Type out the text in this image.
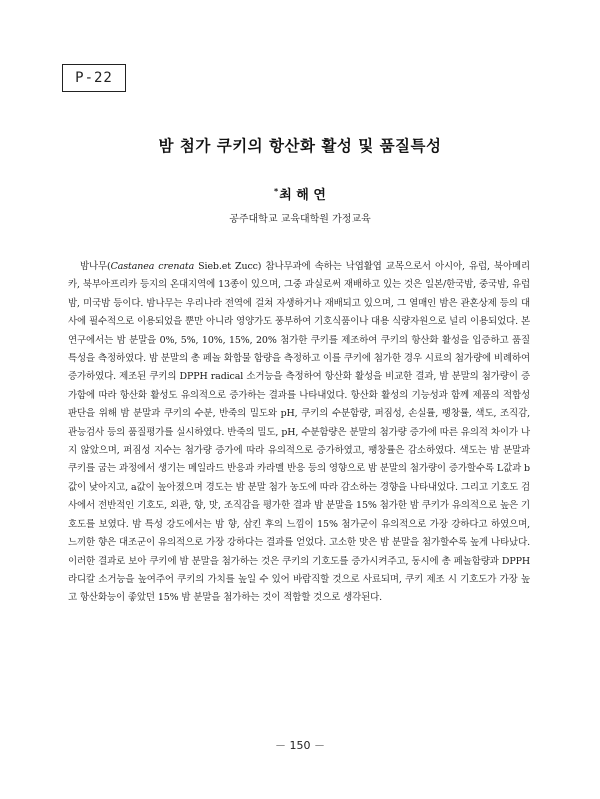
P-22
밤 첨가 쿠키의 항산화 활성 및 품질특성
*최 해 연
공주대학교 교육대학원 가정교육

밤나무(Castanea crenata Sieb.et Zucc) 참나무과에 속하는 낙엽활엽 교목으로서 아시아, 유럽, 북아메리카, 북부아프리카 등지의 온대지역에 13종이 있으며, 그중 과실로써 재배하고 있는 것은 일본/한국밤, 중국밤, 유럽밤, 미국밤 등이다. 밤나무는 우리나라 전역에 걸쳐 자생하거나 재배되고 있으며, 그 열매인 밤은 관혼상제 등의 대사에 필수적으로 이용되었을 뿐만 아니라 영양가도 풍부하여 기호식품이나 대용 식량자원으로 널리 이용되었다. 본 연구에서는 밤 분말을 0%, 5%, 10%, 15%, 20% 첨가한 쿠키를 제조하여 쿠키의 항산화 활성을 입증하고 품질특성을 측정하였다. 밤 분말의 총 페놀 화합물 함량을 측정하고 이를 쿠키에 첨가한 경우 시료의 첨가량에 비례하여 증가하였다. 제조된 쿠키의 DPPH radical 소거능을 측정하여 항산화 활성을 비교한 결과, 밤 분말의 첨가량이 증가함에 따라 항산화 활성도 유의적으로 증가하는 결과를 나타내었다. 항산화 활성의 기능성과 함께 제품의 적합성 판단을 위해 밤 분말과 쿠키의 수분, 반죽의 밀도와 pH, 쿠키의 수분함량, 퍼짐성, 손실률, 팽창률, 색도, 조직감, 관능검사 등의 품질평가를 실시하였다. 반죽의 밀도, pH, 수분함량은 분말의 첨가량 증가에 따른 유의적 차이가 나지 않았으며, 퍼짐성 지수는 첨가량 증가에 따라 유의적으로 증가하였고, 팽창률은 감소하였다. 색도는 밤 분말과 쿠키를 굽는 과정에서 생기는 메일라드 반응과 카라멜 반응 등의 영향으로 밤 분말의 첨가량이 증가할수록 L값과 b값이 낮아지고, a값이 높아졌으며 경도는 밤 분말 첨가 농도에 따라 감소하는 경향을 나타내었다. 그리고 기호도 검사에서 전반적인 기호도, 외관, 향, 맛, 조직감을 평가한 결과 밤 분말을 15% 첨가한 밤 쿠키가 유의적으로 높은 기호도를 보였다. 밤 특성 강도에서는 밤 향, 삼킨 후의 느낌이 15% 첨가군이 유의적으로 가장 강하다고 하였으며, 느끼한 향은 대조군이 유의적으로 가장 강하다는 결과를 얻었다. 고소한 맛은 밤 분말을 첨가할수록 높게 나타났다. 이러한 결과로 보아 쿠키에 밤 분말을 첨가하는 것은 쿠키의 기호도를 증가시켜주고, 동시에 총 페놀함량과 DPPH 라디칼 소거능을 높여주어 쿠키의 가치를 높일 수 있어 바람직할 것으로 사료되며, 쿠키 제조 시 기호도가 가장 높고 항산화능이 좋았던 15% 밤 분말을 첨가하는 것이 적합할 것으로 생각된다.

－ 150 －
